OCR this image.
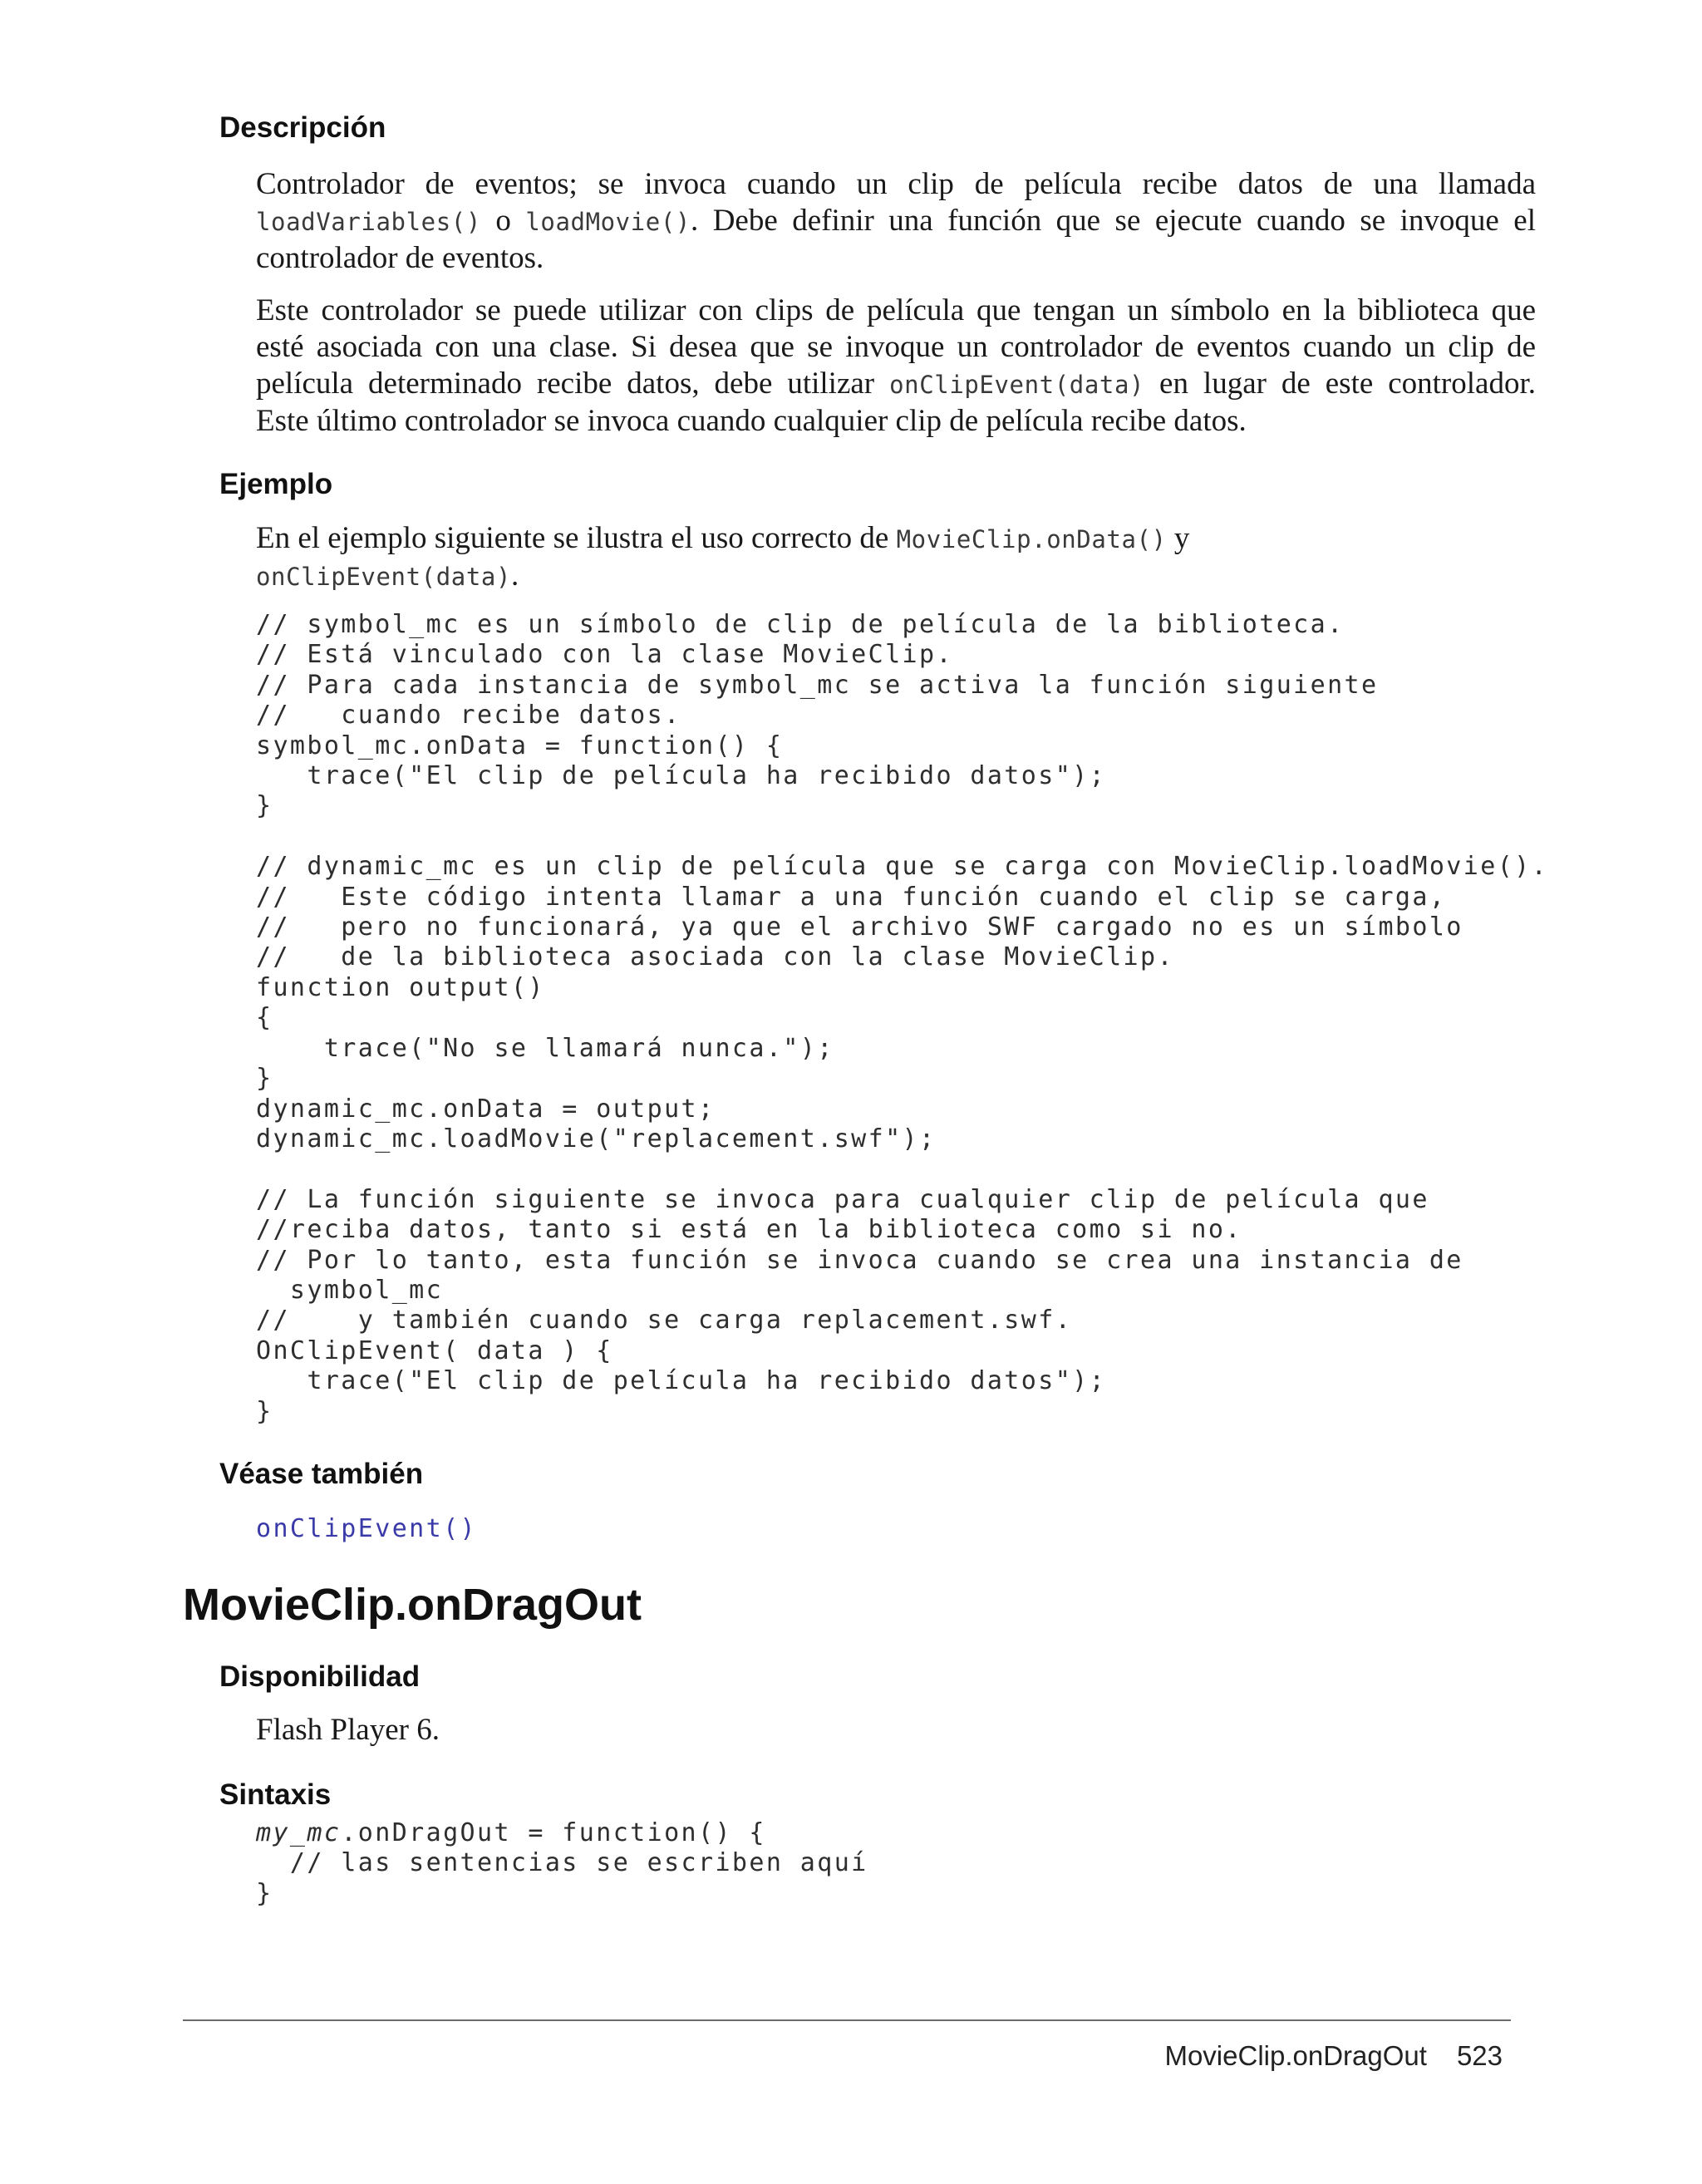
Descripción
Controlador de eventos; se invoca cuando un clip de película recibe datos de una llamada
loadVariables() o loadMovie(). Debe definir una función que se ejecute cuando se invoque el
controlador de eventos.
Este controlador se puede utilizar con clips de película que tengan un símbolo en la biblioteca que
esté asociada con una clase. Si desea que se invoque un controlador de eventos cuando un clip de
película determinado recibe datos, debe utilizar onClipEvent(data) en lugar de este controlador.
Este último controlador se invoca cuando cualquier clip de película recibe datos.
Ejemplo
En el ejemplo siguiente se ilustra el uso correcto de MovieClip.onData() y
onClipEvent(data).
// symbol_mc es un símbolo de clip de película de la biblioteca.
// Está vinculado con la clase MovieClip.
// Para cada instancia de symbol_mc se activa la función siguiente
//   cuando recibe datos.
symbol_mc.onData = function() {
trace("El clip de película ha recibido datos");
}

// dynamic_mc es un clip de película que se carga con MovieClip.loadMovie().
//   Este código intenta llamar a una función cuando el clip se carga,
//   pero no funcionará, ya que el archivo SWF cargado no es un símbolo
//   de la biblioteca asociada con la clase MovieClip.
function output()
{
trace("No se llamará nunca.");
}
dynamic_mc.onData = output;
dynamic_mc.loadMovie("replacement.swf");

// La función siguiente se invoca para cualquier clip de película que
//reciba datos, tanto si está en la biblioteca como si no.
// Por lo tanto, esta función se invoca cuando se crea una instancia de
symbol_mc
//    y también cuando se carga replacement.swf.
OnClipEvent( data ) {
trace("El clip de película ha recibido datos");
}
Véase también
onClipEvent()
MovieClip.onDragOut
Disponibilidad

Flash Player 6.

Sintaxis
my_mc.onDragOut = function() {
// las sentencias se escriben aquí
}
MovieClip.onDragOut 523
